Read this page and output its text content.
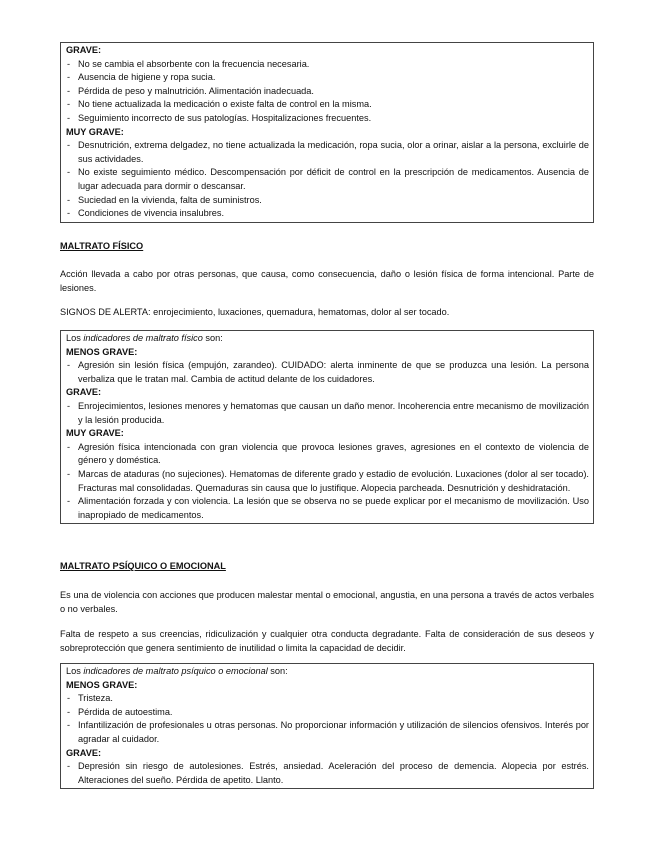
GRAVE:

- No se cambia el absorbente con la frecuencia necesaria.
- Ausencia de higiene y ropa sucia.
- Pérdida de peso y malnutrición. Alimentación inadecuada.
- No tiene actualizada la medicación o existe falta de control en la misma.
- Seguimiento incorrecto de sus patologías. Hospitalizaciones frecuentes.

MUY GRAVE:

- Desnutrición, extrema delgadez, no tiene actualizada la medicación, ropa sucia, olor a orinar, aislar a la persona, excluirle de sus actividades.
- No existe seguimiento médico. Descompensación por déficit de control en la prescripción de medicamentos. Ausencia de lugar adecuada para dormir o descansar.
- Suciedad en la vivienda, falta de suministros.
- Condiciones de vivencia insalubres.
MALTRATO FÍSICO

Acción llevada a cabo por otras personas, que causa, como consecuencia, daño o lesión física de forma intencional. Parte de lesiones.

SIGNOS DE ALERTA: enrojecimiento, luxaciones, quemadura, hematomas, dolor al ser tocado.

Los indicadores de maltrato físico son:

MENOS GRAVE:

- Agresión sin lesión física (empujón, zarandeo). CUIDADO: alerta inminente de que se produzca una lesión. La persona verbaliza que le tratan mal. Cambia de actitud delante de los cuidadores.

GRAVE:

- Enrojecimientos, lesiones menores y hematomas que causan un daño menor. Incoherencia entre mecanismo de movilización y la lesión producida.

MUY GRAVE:

- Agresión física intencionada con gran violencia que provoca lesiones graves, agresiones en el contexto de violencia de género y doméstica.
- Marcas de ataduras (no sujeciones). Hematomas de diferente grado y estadio de evolución. Luxaciones (dolor al ser tocado). Fracturas mal consolidadas. Quemaduras sin causa que lo justifique. Alopecia parcheada. Desnutrición y deshidratación.
- Alimentación forzada y con violencia. La lesión que se observa no se puede explicar por el mecanismo de movilización. Uso inapropiado de medicamentos.
MALTRATO PSÍQUICO O EMOCIONAL

Es una de violencia con acciones que producen malestar mental o emocional, angustia, en una persona a través de actos verbales o no verbales.

Falta de respeto a sus creencias, ridiculización y cualquier otra conducta degradante. Falta de consideración de sus deseos y sobreprotección que genera sentimiento de inutilidad o limita la capacidad de decidir.

Los indicadores de maltrato psíquico o emocional son:

MENOS GRAVE:

- Tristeza.
- Pérdida de autoestima.
- Infantilización de profesionales u otras personas. No proporcionar información y utilización de silencios ofensivos. Interés por agradar al cuidador.

GRAVE:

- Depresión sin riesgo de autolesiones. Estrés, ansiedad. Aceleración del proceso de demencia. Alopecia por estrés. Alteraciones del sueño. Pérdida de apetito. Llanto.
